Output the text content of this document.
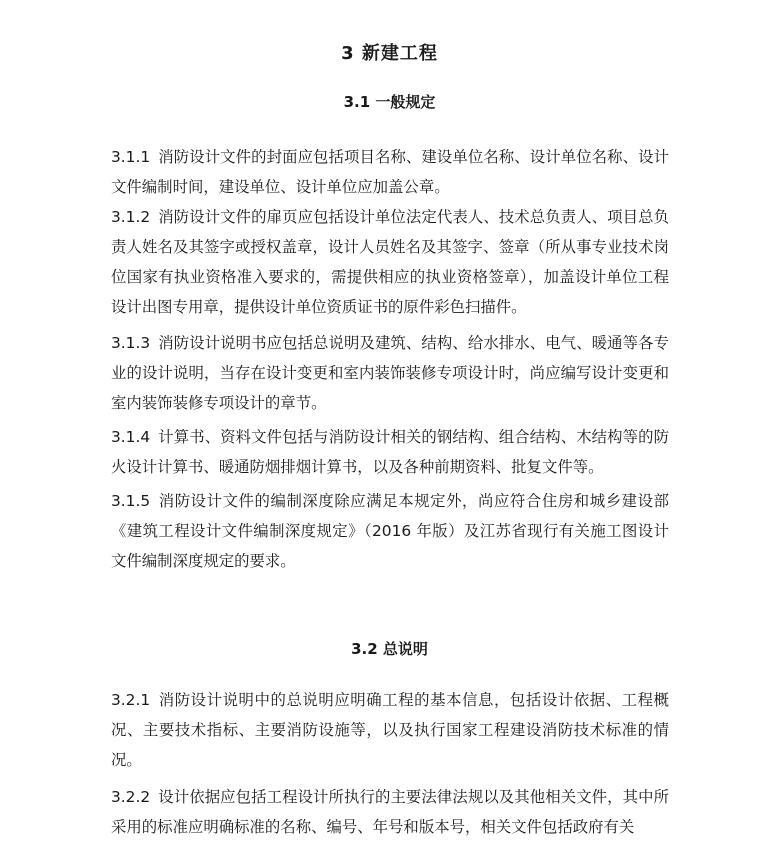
3 新建工程
3.1 一般规定

3.1.1 消防设计文件的封面应包括项目名称、建设单位名称、设计单位名称、设计文件编制时间，建设单位、设计单位应加盖公章。

3.1.2 消防设计文件的扉页应包括设计单位法定代表人、技术总负责人、项目总负责人姓名及其签字或授权盖章，设计人员姓名及其签字、签章（所从事专业技术岗位国家有执业资格准入要求的，需提供相应的执业资格签章），加盖设计单位工程设计出图专用章，提供设计单位资质证书的原件彩色扫描件。

3.1.3 消防设计说明书应包括总说明及建筑、结构、给水排水、电气、暖通等各专业的设计说明，当存在设计变更和室内装饰装修专项设计时，尚应编写设计变更和室内装饰装修专项设计的章节。

3.1.4 计算书、资料文件包括与消防设计相关的钢结构、组合结构、木结构等的防火设计计算书、暖通防烟排烟计算书，以及各种前期资料、批复文件等。

3.1.5 消防设计文件的编制深度除应满足本规定外，尚应符合住房和城乡建设部《建筑工程设计文件编制深度规定》（2016 年版）及江苏省现行有关施工图设计文件编制深度规定的要求。

3.2 总说明

3.2.1 消防设计说明中的总说明应明确工程的基本信息，包括设计依据、工程概况、主要技术指标、主要消防设施等，以及执行国家工程建设消防技术标准的情况。

3.2.2 设计依据应包括工程设计所执行的主要法律法规以及其他相关文件，其中所采用的标准应明确标准的名称、编号、年号和版本号，相关文件包括政府有关
